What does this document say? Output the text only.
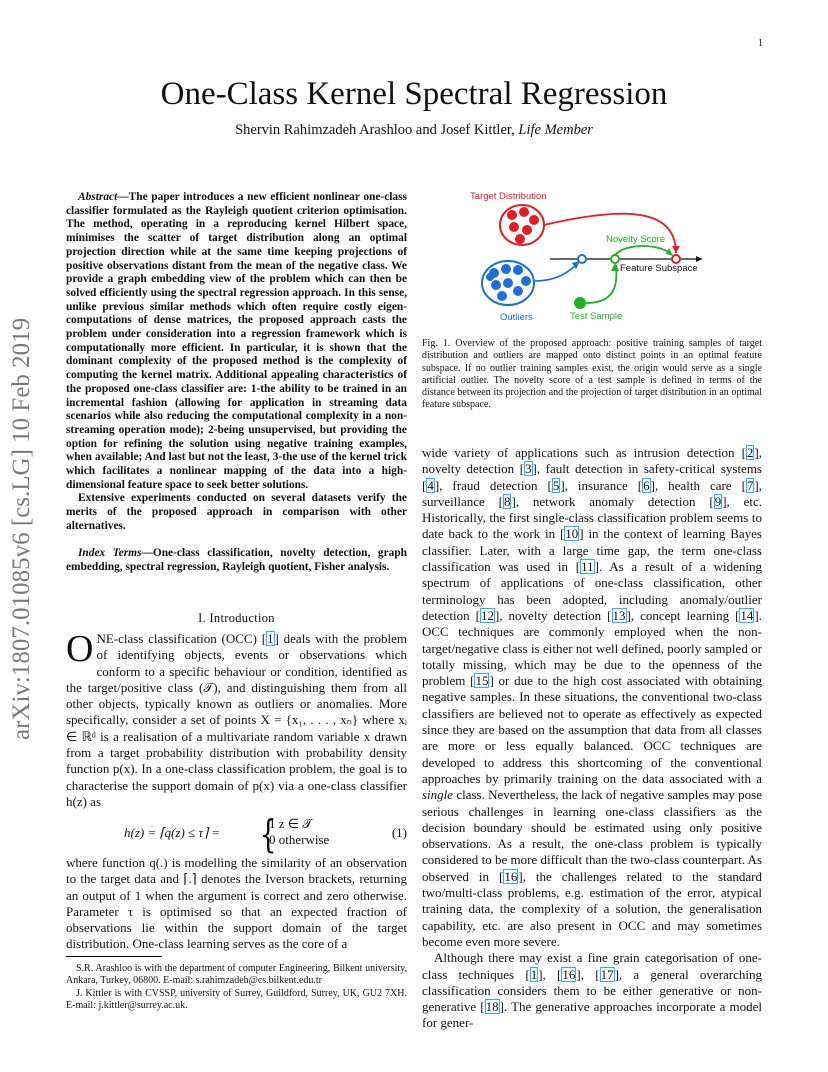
1
arXiv:1807.01085v6 [cs.LG] 10 Feb 2019
One-Class Kernel Spectral Regression
Shervin Rahimzadeh Arashloo and Josef Kittler, Life Member

Abstract—The paper introduces a new efficient nonlinear one-class classifier formulated as the Rayleigh quotient criterion optimisation. The method, operating in a reproducing kernel Hilbert space, minimises the scatter of target distribution along an optimal projection direction while at the same time keeping projections of positive observations distant from the mean of the negative class. We provide a graph embedding view of the problem which can then be solved efficiently using the spectral regression approach. In this sense, unlike previous similar methods which often require costly eigen-computations of dense matrices, the proposed approach casts the problem under consideration into a regression framework which is computationally more efficient. In particular, it is shown that the dominant complexity of the proposed method is the complexity of computing the kernel matrix. Additional appealing characteristics of the proposed one-class classifier are: 1-the ability to be trained in an incremental fashion (allowing for application in streaming data scenarios while also reducing the computational complexity in a non-streaming operation mode); 2-being unsupervised, but providing the option for refining the solution using negative training examples, when available; And last but not the least, 3-the use of the kernel trick which facilitates a nonlinear mapping of the data into a high-dimensional feature space to seek better solutions.

Extensive experiments conducted on several datasets verify the merits of the proposed approach in comparison with other alternatives.

Index Terms—One-class classification, novelty detection, graph embedding, spectral regression, Rayleigh quotient, Fisher analysis.
I. Introduction

ONE-class classification (OCC) [1] deals with the problem of identifying objects, events or observations which conform to a specific behaviour or condition, identified as the target/positive class (𝒯), and distinguishing them from all other objects, typically known as outliers or anomalies. More specifically, consider a set of points X = {x₁, . . . , xₙ} where xᵢ ∈ ℝᵈ is a realisation of a multivariate random variable x drawn from a target probability distribution with probability density function p(x). In a one-class classification problem, the goal is to characterise the support domain of p(x) via a one-class classifier h(z) as

h(z) = ⌈q(z) ≤ τ⌉ = {
1 z ∈ 𝒯
0 otherwise	(1)
where function q(.) is modelling the similarity of an observation to the target data and ⌈.⌉ denotes the Iverson brackets, returning an output of 1 when the argument is correct and zero otherwise. Parameter τ is optimised so that an expected fraction of observations lie within the support domain of the target distribution. One-class learning serves as the core of a

S.R. Arashloo is with the department of computer Engineering, Bilkent university, Ankara, Turkey, 06800. E-mail: s.rahimzadeh@cs.bilkent.edu.tr

J. Kittler is with CVSSP, university of Surrey, Guildford, Surrey, UK, GU2 7XH. E-mail: j.kittler@surrey.ac.uk.

Target Distribution
Outliers
Novelty Score
Feature Subspace
Test Sample
Fig. 1. Overview of the proposed approach: positive training samples of target distribution and outliers are mapped onto distinct points in an optimal feature subspace. If no outlier training samples exist, the origin would serve as a single artificial outlier. The novelty score of a test sample is defined in terms of the distance between its projection and the projection of target distribution in an optimal feature subspace.

wide variety of applications such as intrusion detection [2], novelty detection [3], fault detection in safety-critical systems [4], fraud detection [5], insurance [6], health care [7], surveillance [8], network anomaly detection [9], etc. Historically, the first single-class classification problem seems to date back to the work in [10] in the context of learning Bayes classifier. Later, with a large time gap, the term one-class classification was used in [11]. As a result of a widening spectrum of applications of one-class classification, other terminology has been adopted, including anomaly/outlier detection [12], novelty detection [13], concept learning [14]. OCC techniques are commonly employed when the non-target/negative class is either not well defined, poorly sampled or totally missing, which may be due to the openness of the problem [15] or due to the high cost associated with obtaining negative samples. In these situations, the conventional two-class classifiers are believed not to operate as effectively as expected since they are based on the assumption that data from all classes are more or less equally balanced. OCC techniques are developed to address this shortcoming of the conventional approaches by primarily training on the data associated with a single class. Nevertheless, the lack of negative samples may pose serious challenges in learning one-class classifiers as the decision boundary should be estimated using only positive observations. As a result, the one-class problem is typically considered to be more difficult than the two-class counterpart. As observed in [16], the challenges related to the standard two/multi-class problems, e.g. estimation of the error, atypical training data, the complexity of a solution, the generalisation capability, etc. are also present in OCC and may sometimes become even more severe.

Although there may exist a fine grain categorisation of one-class techniques [1], [16], [17], a general overarching classification considers them to be either generative or non-generative [18]. The generative approaches incorporate a model for gener-
